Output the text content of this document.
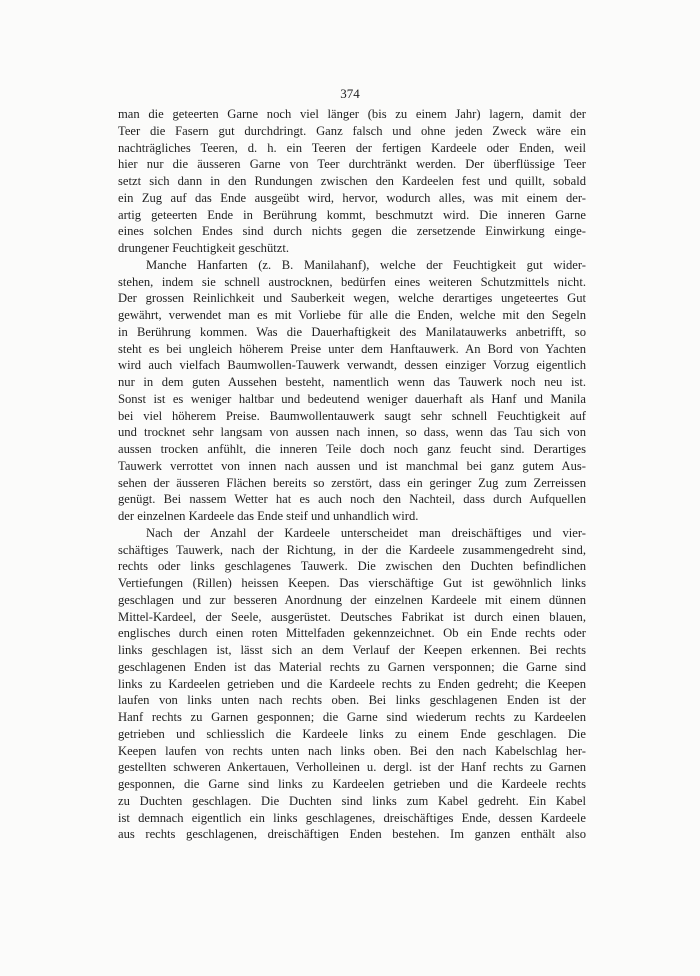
374
man die geteerten Garne noch viel länger (bis zu einem Jahr) lagern, damit der
Teer die Fasern gut durchdringt. Ganz falsch und ohne jeden Zweck wäre ein
nachträgliches Teeren, d. h. ein Teeren der fertigen Kardeele oder Enden, weil
hier nur die äusseren Garne von Teer durchtränkt werden. Der überflüssige Teer
setzt sich dann in den Rundungen zwischen den Kardeelen fest und quillt, sobald
ein Zug auf das Ende ausgeübt wird, hervor, wodurch alles, was mit einem der-
artig geteerten Ende in Berührung kommt, beschmutzt wird. Die inneren Garne
eines solchen Endes sind durch nichts gegen die zersetzende Einwirkung einge-
drungener Feuchtigkeit geschützt.
Manche Hanfarten (z. B. Manilahanf), welche der Feuchtigkeit gut wider-
stehen, indem sie schnell austrocknen, bedürfen eines weiteren Schutzmittels nicht.
Der grossen Reinlichkeit und Sauberkeit wegen, welche derartiges ungeteertes Gut
gewährt, verwendet man es mit Vorliebe für alle die Enden, welche mit den Segeln
in Berührung kommen. Was die Dauerhaftigkeit des Manilatauwerks anbetrifft, so
steht es bei ungleich höherem Preise unter dem Hanftauwerk. An Bord von Yachten
wird auch vielfach Baumwollen-Tauwerk verwandt, dessen einziger Vorzug eigentlich
nur in dem guten Aussehen besteht, namentlich wenn das Tauwerk noch neu ist.
Sonst ist es weniger haltbar und bedeutend weniger dauerhaft als Hanf und Manila
bei viel höherem Preise. Baumwollentauwerk saugt sehr schnell Feuchtigkeit auf
und trocknet sehr langsam von aussen nach innen, so dass, wenn das Tau sich von
aussen trocken anfühlt, die inneren Teile doch noch ganz feucht sind. Derartiges
Tauwerk verrottet von innen nach aussen und ist manchmal bei ganz gutem Aus-
sehen der äusseren Flächen bereits so zerstört, dass ein geringer Zug zum Zerreissen
genügt. Bei nassem Wetter hat es auch noch den Nachteil, dass durch Aufquellen
der einzelnen Kardeele das Ende steif und unhandlich wird.
Nach der Anzahl der Kardeele unterscheidet man dreischäftiges und vier-
schäftiges Tauwerk, nach der Richtung, in der die Kardeele zusammengedreht sind,
rechts oder links geschlagenes Tauwerk. Die zwischen den Duchten befindlichen
Vertiefungen (Rillen) heissen Keepen. Das vierschäftige Gut ist gewöhnlich links
geschlagen und zur besseren Anordnung der einzelnen Kardeele mit einem dünnen
Mittel-Kardeel, der Seele, ausgerüstet. Deutsches Fabrikat ist durch einen blauen,
englisches durch einen roten Mittelfaden gekennzeichnet. Ob ein Ende rechts oder
links geschlagen ist, lässt sich an dem Verlauf der Keepen erkennen. Bei rechts
geschlagenen Enden ist das Material rechts zu Garnen versponnen; die Garne sind
links zu Kardeelen getrieben und die Kardeele rechts zu Enden gedreht; die Keepen
laufen von links unten nach rechts oben. Bei links geschlagenen Enden ist der
Hanf rechts zu Garnen gesponnen; die Garne sind wiederum rechts zu Kardeelen
getrieben und schliesslich die Kardeele links zu einem Ende geschlagen. Die
Keepen laufen von rechts unten nach links oben. Bei den nach Kabelschlag her-
gestellten schweren Ankertauen, Verholleinen u. dergl. ist der Hanf rechts zu Garnen
gesponnen, die Garne sind links zu Kardeelen getrieben und die Kardeele rechts
zu Duchten geschlagen. Die Duchten sind links zum Kabel gedreht. Ein Kabel
ist demnach eigentlich ein links geschlagenes, dreischäftiges Ende, dessen Kardeele
aus rechts geschlagenen, dreischäftigen Enden bestehen. Im ganzen enthält also
